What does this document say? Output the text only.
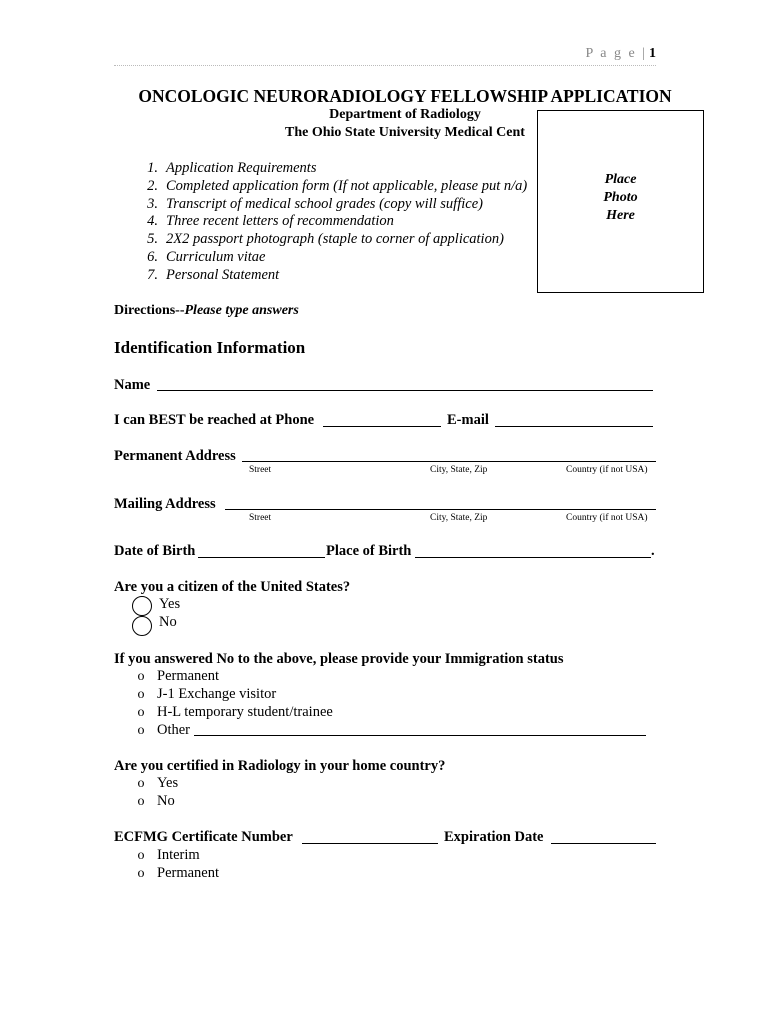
P a g e | 1
ONCOLOGIC NEURORADIOLOGY FELLOWSHIP APPLICATION
Department of Radiology
The Ohio State University Medical Cent
Place
Photo
Here
1 . Application Requirements
2 . Completed application form (If not applicable, please put n/a)
3 . Transcript of medical school grades (copy will suffice)
4 . Three recent letters of recommendation
5 . 2X2 passport photograph (staple to corner of application)
6 . Curriculum vitae
7 . Personal Statement
Directions--Please type answers
Identification Information
Name
I can BEST be reached at Phone	E-mail
Permanent Address
Street	City, State, Zip	Country (if not USA)
Mailing Address
Street	City, State, Zip	Country (if not USA)
Date of Birth	Place of Birth	.
Are you a citizen of the United States?
Yes
No
If you answered No to the above, please provide your Immigration status
o Permanent
o J-1 Exchange visitor
o H-L temporary student/trainee
o Other
Are you certified in Radiology in your home country?
o Yes
o No
ECFMG Certificate Number	Expiration Date
o Interim
o Permanent
